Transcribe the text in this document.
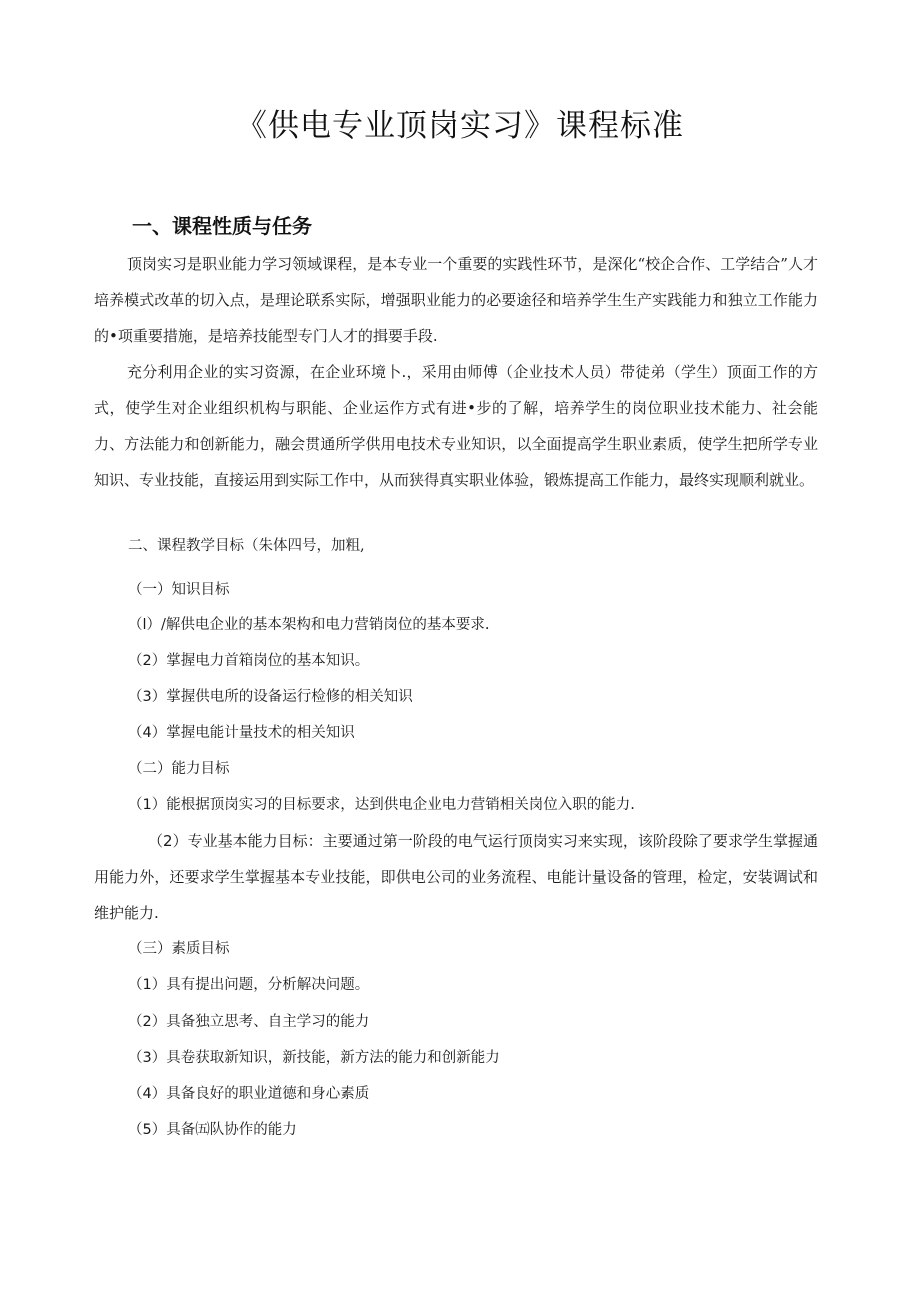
《供电专业顶岗实习》课程标准
一、课程性质与任务

顶岗实习是职业能力学习领域课程，是本专业一个重要的实践性环节，是深化“校企合作、工学结合”人才培养模式改革的切入点，是理论联系实际，增强职业能力的必要途径和培养学生生产实践能力和独立工作能力的•项重要措施，是培养技能型专门人才的揖要手段.

充分利用企业的实习资源，在企业环境卜.，采用由师傅（企业技术人员）带徒弟（学生）顶面工作的方式，使学生对企业组织机构与职能、企业运作方式有进•步的了解，培养学生的岗位职业技术能力、社会能力、方法能力和创新能力，融会贯通所学供用电技术专业知识，以全面提高学生职业素质，使学生把所学专业知识、专业技能，直接运用到实际工作中，从而狭得真实职业体验，锻炼提高工作能力，最终实现顺利就业。

二、课程教学目标（朱体四号，加粗,

（一）知识目标

（l）/解供电企业的基本架构和电力营销岗位的基本要求.

（2）掌握电力首箱岗位的基本知识。

（3）掌握供电所的设备运行检修的相关知识

（4）掌握电能计量技术的相关知识

（二）能力目标

（1）能根据顶岗实习的目标要求，达到供电企业电力营销相关岗位入职的能力.

（2）专业基本能力目标：主要通过第一阶段的电气运行顶岗实习来实现，该阶段除了要求学生掌握通用能力外，还要求学生掌握基本专业技能，即供电公司的业务流程、电能计量设备的管理，检定，安装调试和维护能力.

（三）素质目标

（1）具有提出问题，分析解决问题。

（2）具备独立思考、自主学习的能力

（3）具卷获取新知识，新技能，新方法的能力和创新能力

（4）具备良好的职业道德和身心素质

（5）具备㈤队协作的能力
